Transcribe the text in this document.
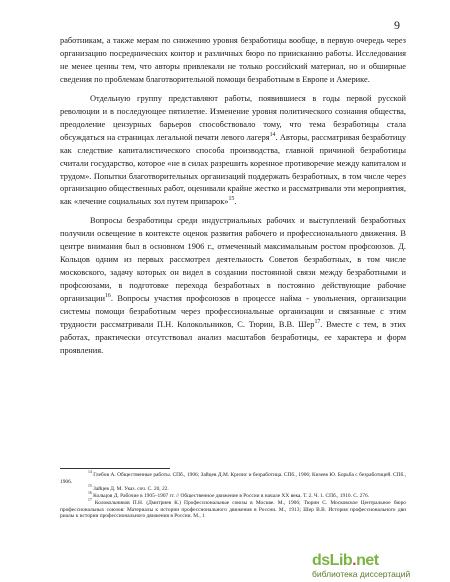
9

работникам, а также мерам по снижению уровня безработицы вообще, в первую очередь через организацию посреднических контор и различных бюро по приисканию работы. Исследования не менее ценны тем, что авторы привлекали не только российский материал, но и обширные сведения по проблемам благотворительной помощи безработным в Европе и Америке.

Отдельную группу представляют работы, появившиеся в годы первой русской революции и в последующее пятилетие. Изменение уровня политического сознания общества, преодоление цензурных барьеров способствовало тому, что тема безработицы стала обсуждаться на страницах легальной печати левого лагеря$^{14}$. Авторы, рассматривая безработицу как следствие капиталистического способа производства, главной причиной безработицы считали государство, которое «не в силах разрешить коренное противоречие между капиталом и трудом». Попытки благотворительных организаций поддержать безработных, в том числе через организацию общественных работ, оценивали крайне жестко и рассматривали эти мероприятия, как «лечение социальных зол путем припарок»$^{15}$.

Вопросы безработицы среди индустриальных рабочих и выступлений безработных получили освещение в контексте оценок развития рабочего и профессионального движения. В центре внимания был в основном 1906 г., отмеченный максимальным ростом профсоюзов. Д. Кольцов одним из первых рассмотрел деятельность Советов безработных, в том числе московского, задачу которых он видел в создании постоянной связи между безработными и профсоюзами, в подготовке перехода безработных в постоянно действующие рабочие организации$^{16}$. Вопросы участия профсоюзов в процессе найма - увольнения, организации системы помощи безработным через профессиональные организации и связанные с этим трудности рассматривали П.Н. Колокольников, С. Тюрин, В.В. Шер$^{17}$. Вместе с тем, в этих работах, практически отсутствовал анализ масштабов безработицы, ее характера и форм проявления.

$^{14}$ Глебов А. Общественные работы. СПб., 1906; Зайцев Д.М. Кризис и безработица. СПб., 1906; Кизеев Ю. Борьба с безработицей. СПб., 1906.

$^{15}$ Зайцев Д. М. Указ. соч. С. 20, 22.

$^{16}$ Кольцов Д. Рабочие в 1905–1907 гг. // Общественное движение в России в начале XX века. Т. 2. Ч. 1. СПб., 1910. С. 276.

$^{17}$ Колокольников П.Н. (Дмитриев К.) Профессиональные союзы в Москве. М., 1906; Тюрин С. Московское Центральное бюро профессиональных союзов: Материалы к истории профессионального движения в России. М., 1913; Шер В.В. История профессионального дви риалы к истории профессионального движения в России. М., 1

dsLib.net
библиотека диссертаций
